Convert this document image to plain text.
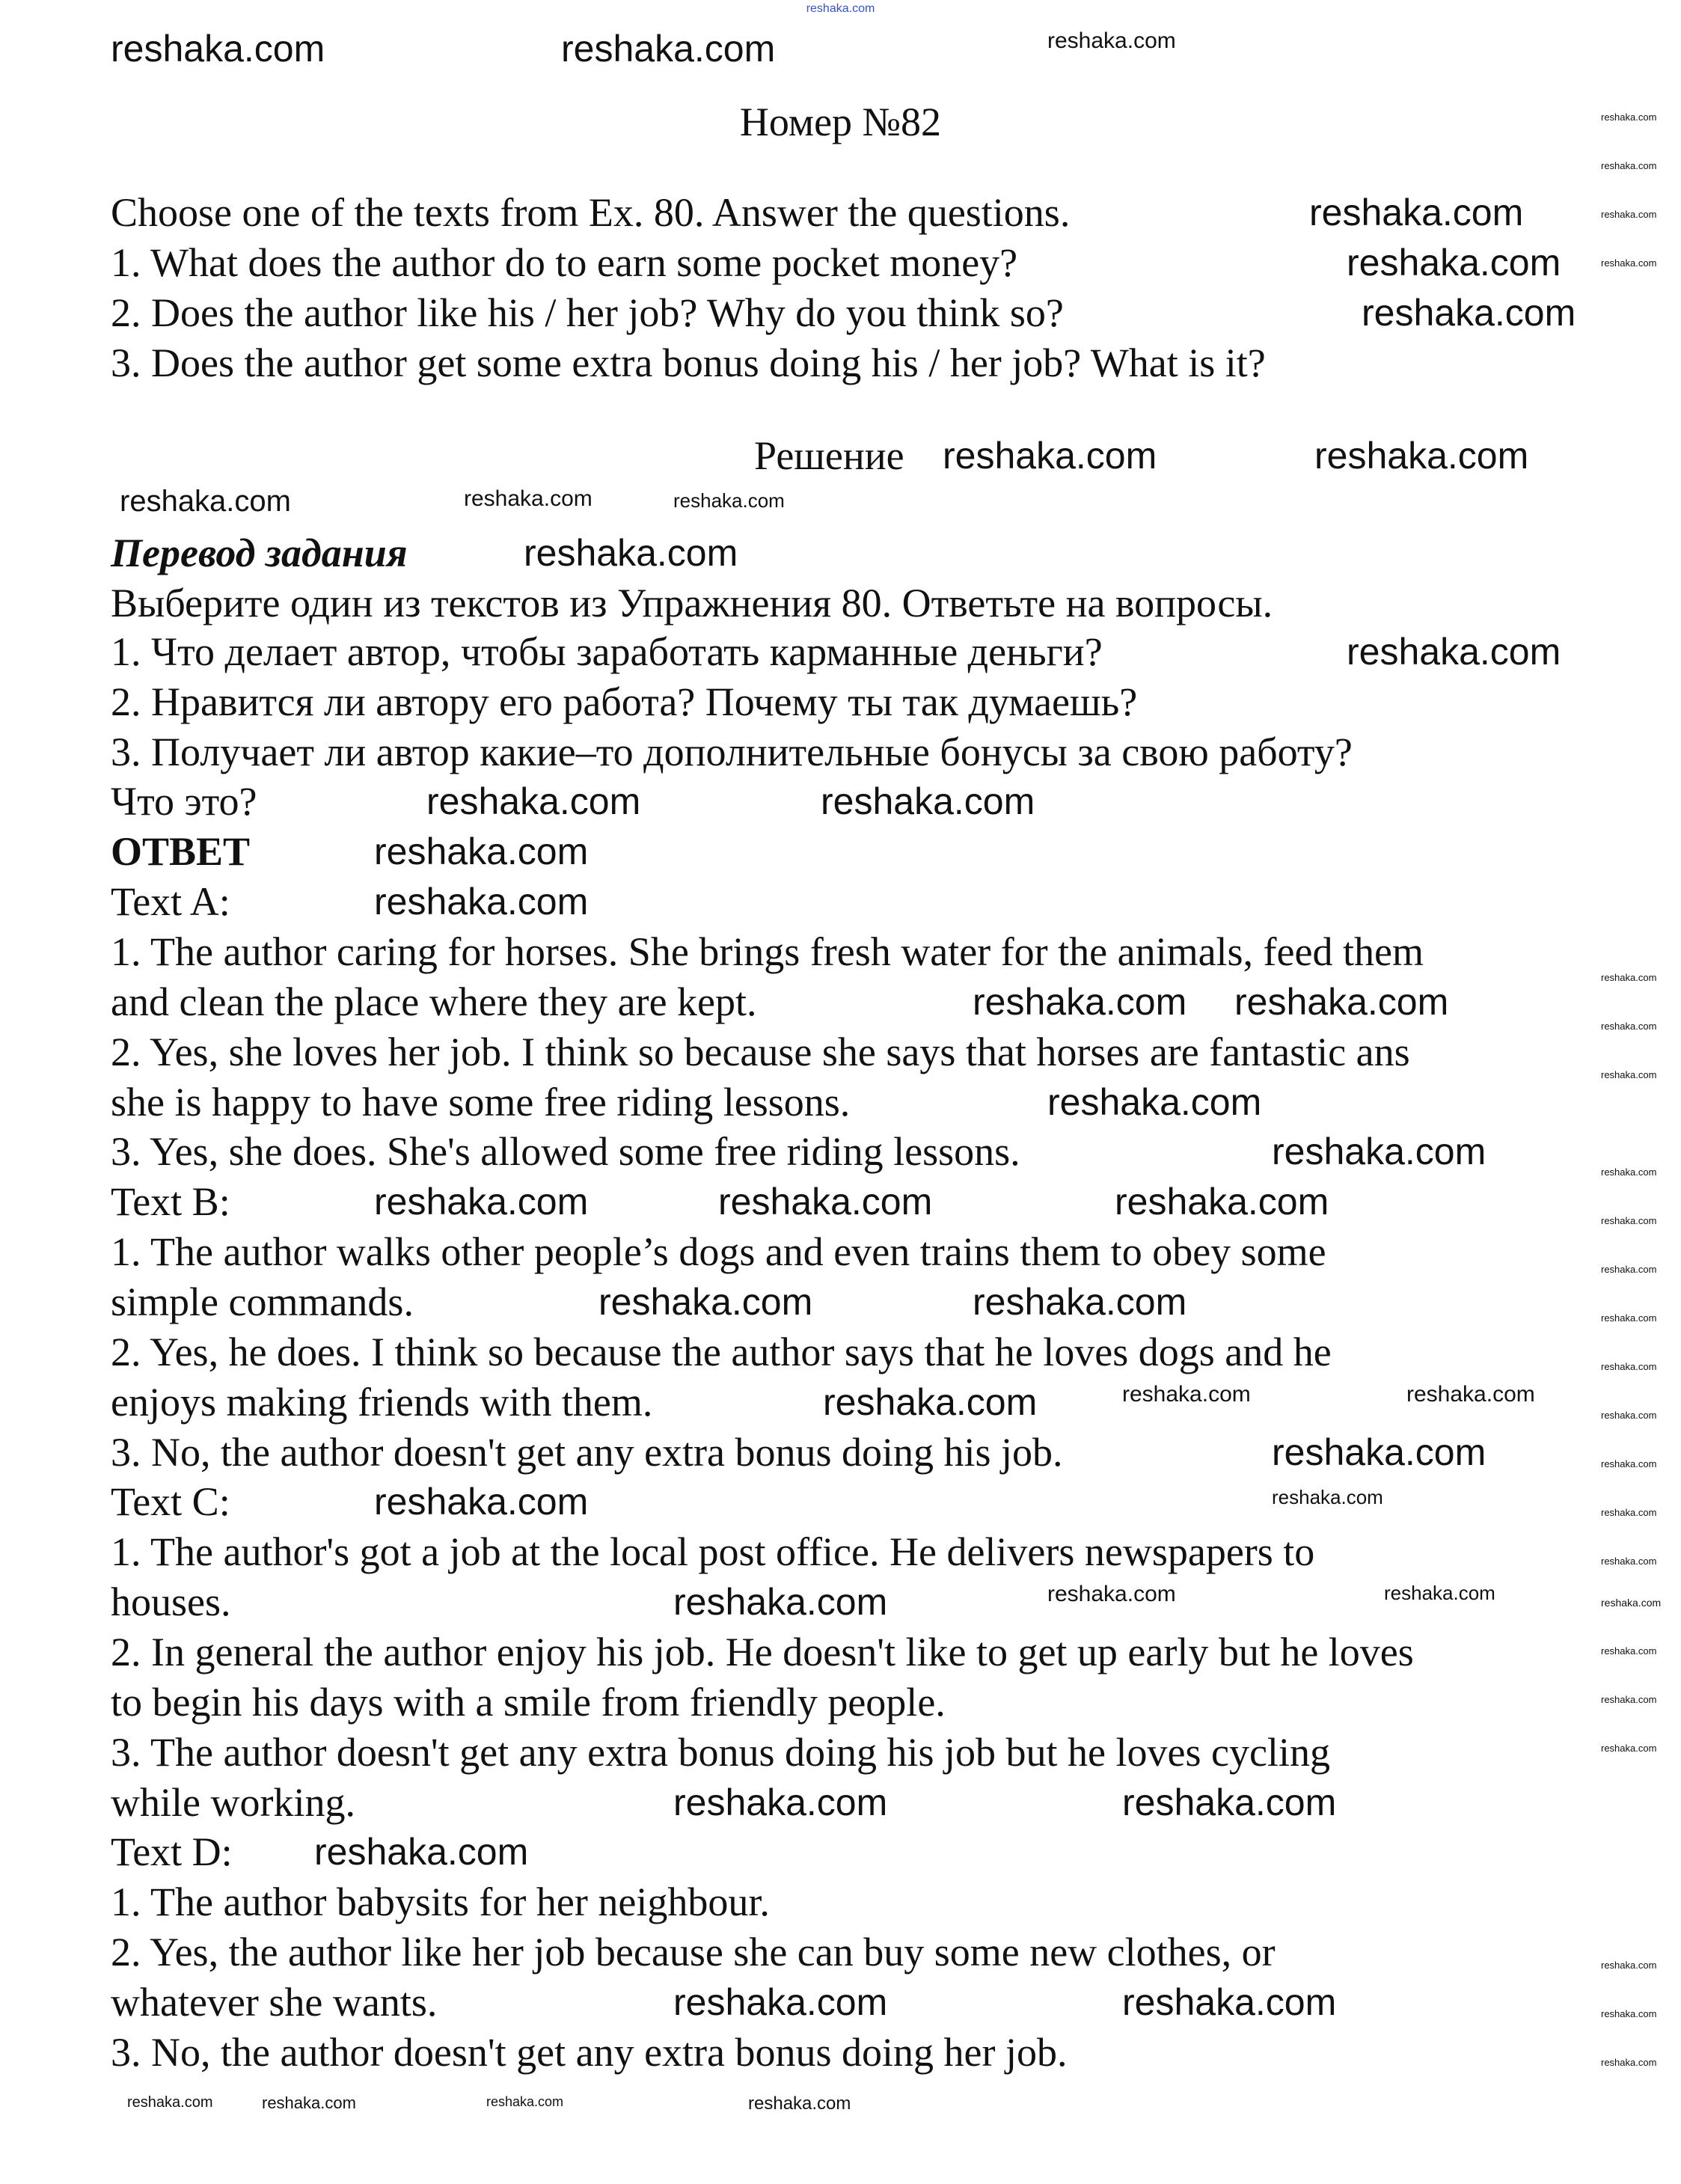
reshaka.com
Номер №82
Choose one of the texts from Ex. 80. Answer the questions.
1. What does the author do to earn some pocket money?
2. Does the author like his / her job? Why do you think so?
3. Does the author get some extra bonus doing his / her job? What is it?
Решение
Перевод задания
Выберите один из текстов из Упражнения 80. Ответьте на вопросы.
1. Что делает автор, чтобы заработать карманные деньги?
2. Нравится ли автору его работа? Почему ты так думаешь?
3. Получает ли автор какие–то дополнительные бонусы за свою работу?
Что это?
ОТВЕТ
Text A:
1. The author caring for horses. She brings fresh water for the animals, feed them
and clean the place where they are kept.
2. Yes, she loves her job. I think so because she says that horses are fantastic ans
she is happy to have some free riding lessons.
3. Yes, she does. She's allowed some free riding lessons.
Text B:
1. The author walks other people’s dogs and even trains them to obey some
simple commands.
2. Yes, he does. I think so because the author says that he loves dogs and he
enjoys making friends with them.
3. No, the author doesn't get any extra bonus doing his job.
Text C:
1. The author's got a job at the local post office. He delivers newspapers to
houses.
2. In general the author enjoy his job. He doesn't like to get up early but he loves
to begin his days with a smile from friendly people.
3. The author doesn't get any extra bonus doing his job but he loves cycling
while working.
Text D:
1. The author babysits for her neighbour.
2. Yes, the author like her job because she can buy some new clothes, or
whatever she wants.
3. No, the author doesn't get any extra bonus doing her job.
reshaka.com	reshaka.com	reshaka.com
reshaka.com
reshaka.com
reshaka.com
reshaka.com	reshaka.com
reshaka.com	reshaka.com	reshaka.com
reshaka.com
reshaka.com
reshaka.com	reshaka.com
reshaka.com
reshaka.com
reshaka.com reshaka.com
reshaka.com
reshaka.com
reshaka.com	reshaka.com	reshaka.com
reshaka.com	reshaka.com
reshaka.com	reshaka.com	reshaka.com
reshaka.com
reshaka.com	reshaka.com
reshaka.com	reshaka.com	reshaka.com
reshaka.com	reshaka.com
reshaka.com
reshaka.com	reshaka.com
reshaka.com	reshaka.com	reshaka.com	reshaka.com
reshaka.com
reshaka.com
reshaka.com
reshaka.com
reshaka.com
reshaka.com
reshaka.com
reshaka.com
reshaka.com
reshaka.com
reshaka.com
reshaka.com
reshaka.com
reshaka.com
reshaka.com
reshaka.com
reshaka.com
reshaka.com
reshaka.com
reshaka.com
reshaka.com
reshaka.com
reshaka.com
